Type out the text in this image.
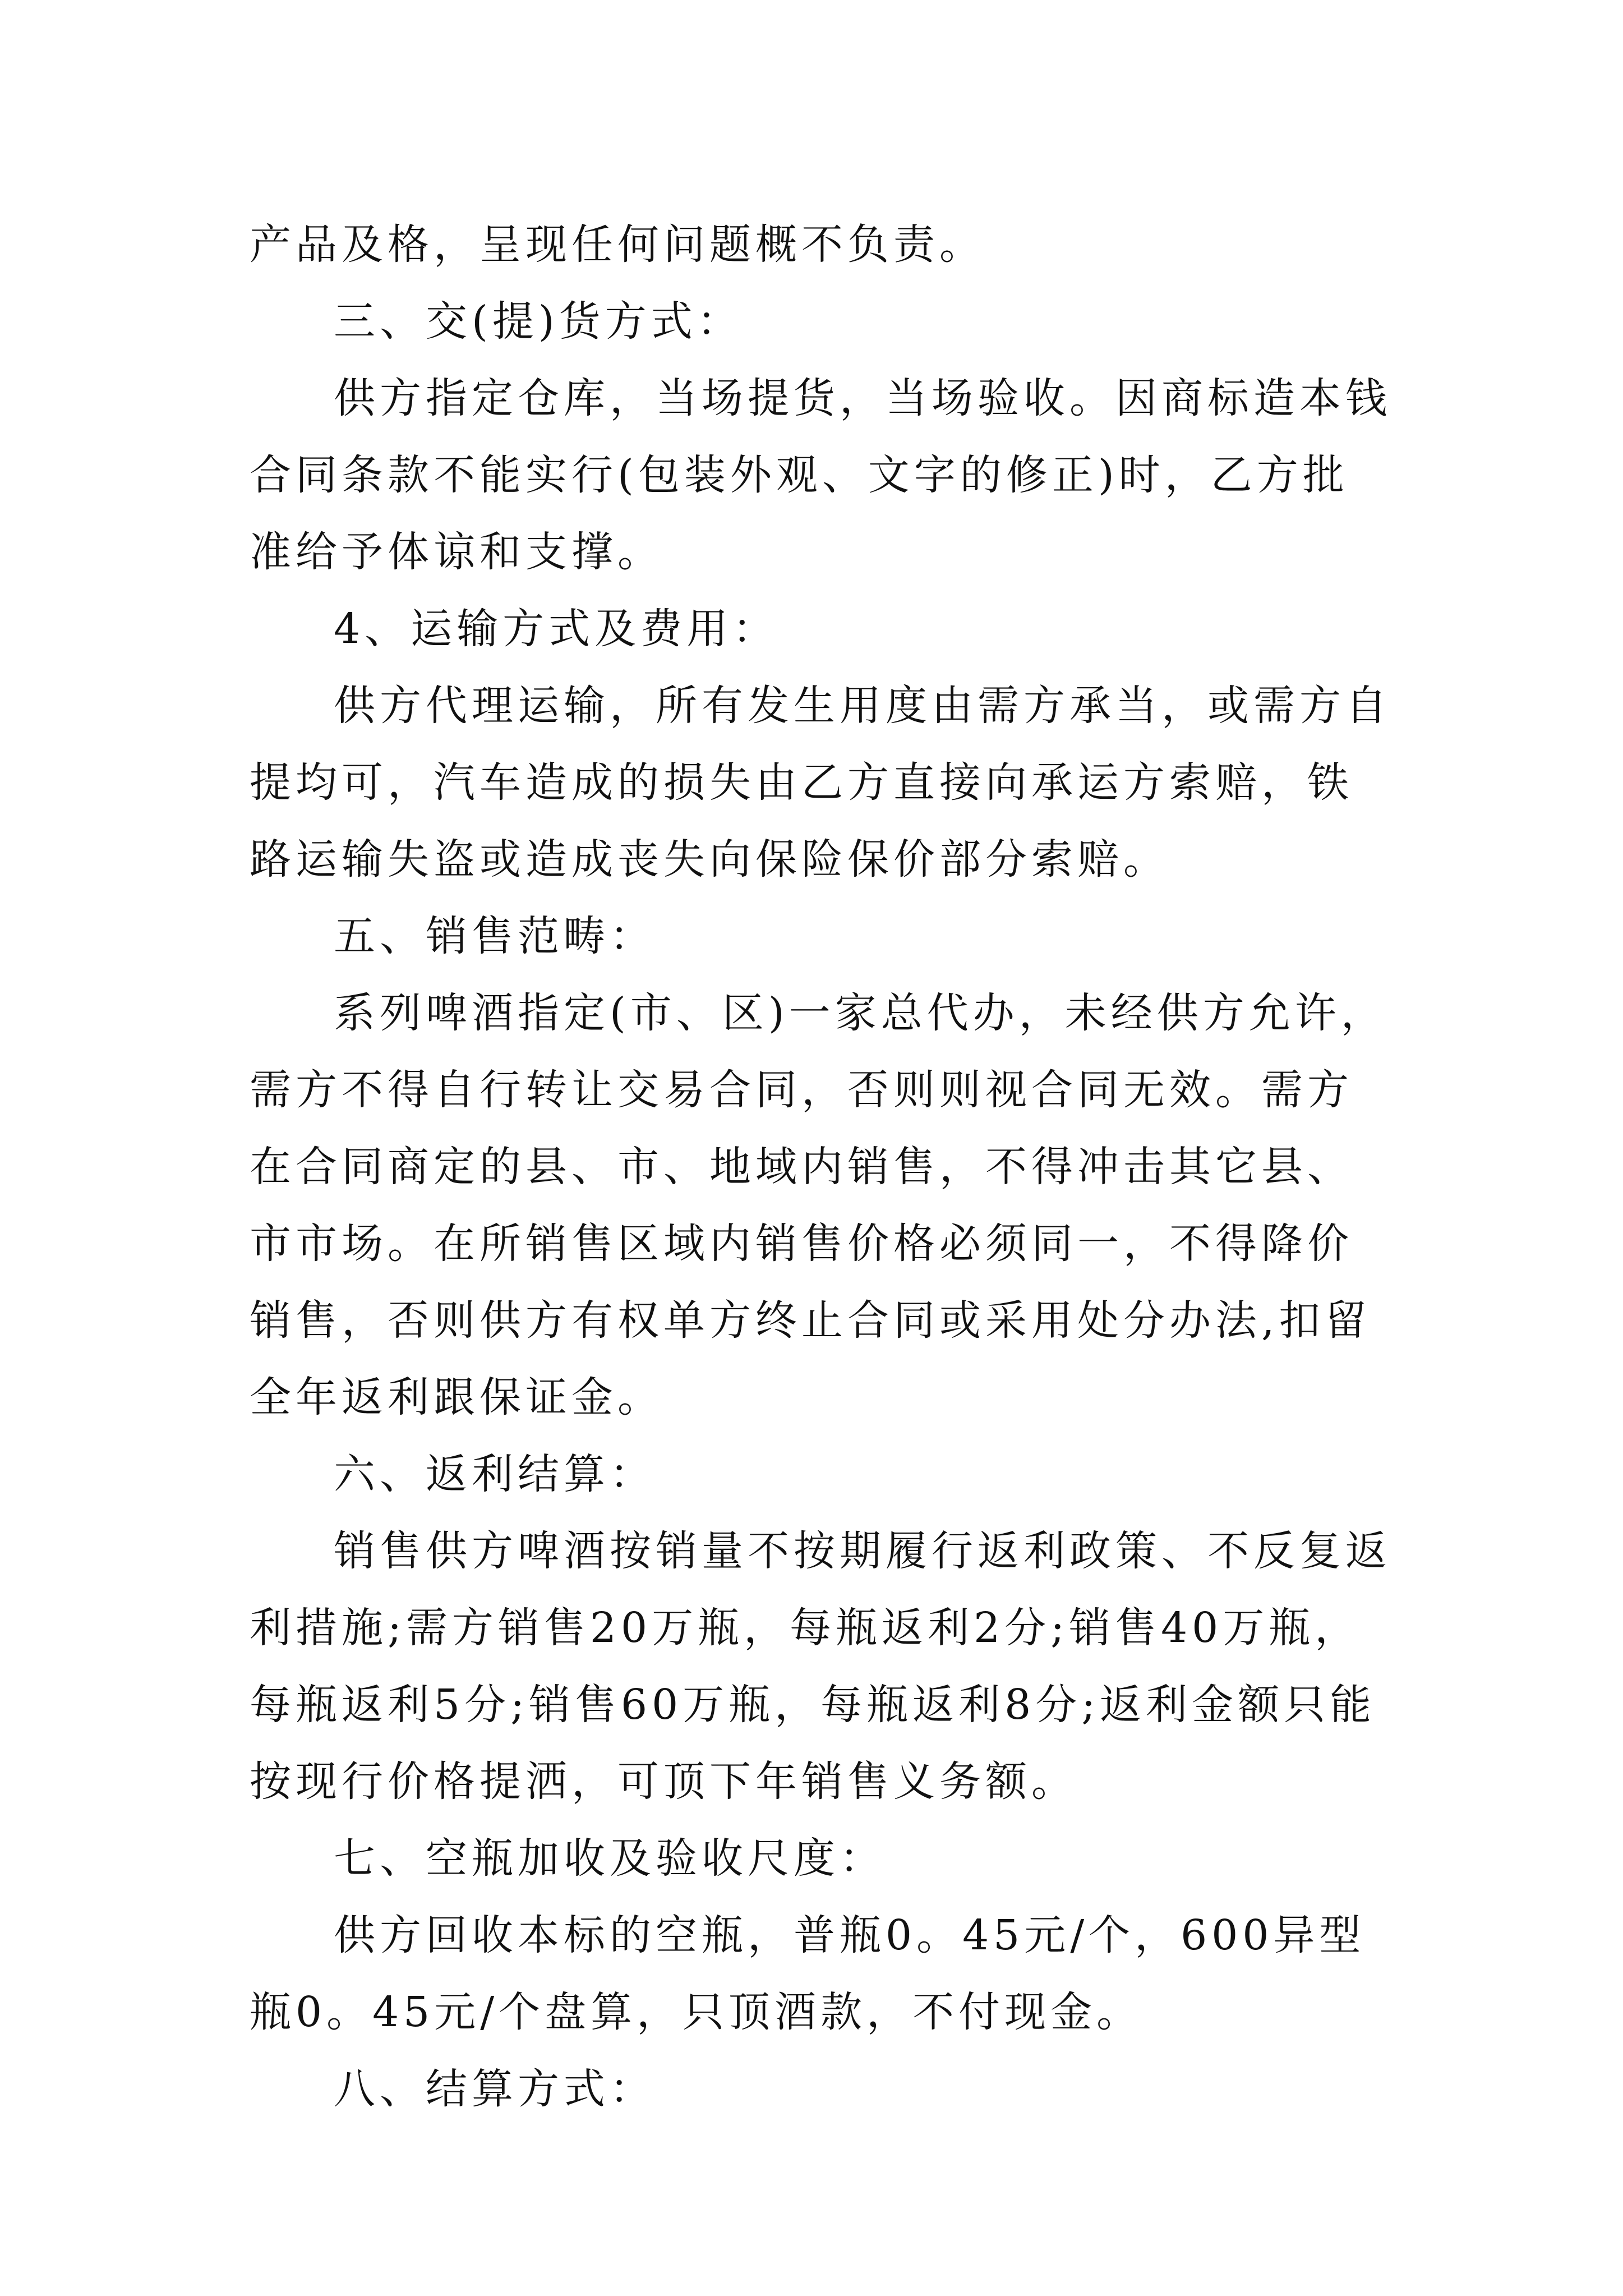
产品及格，呈现任何问题概不负责。

三、交(提)货方式：

供方指定仓库，当场提货，当场验收。因商标造本钱合同条款不能实行(包装外观、文字的修正)时，乙方批准给予体谅和支撑。

4、运输方式及费用：

供方代理运输，所有发生用度由需方承当，或需方自提均可，汽车造成的损失由乙方直接向承运方索赔，铁路运输失盗或造成丧失向保险保价部分索赔。

五、销售范畴：

系列啤酒指定(市、区)一家总代办，未经供方允许，需方不得自行转让交易合同，否则则视合同无效。需方在合同商定的县、市、地域内销售，不得冲击其它县、市市场。在所销售区域内销售价格必须同一，不得降价销售，否则供方有权单方终止合同或采用处分办法,扣留全年返利跟保证金。

六、返利结算：

销售供方啤酒按销量不按期履行返利政策、不反复返利措施;需方销售20万瓶，每瓶返利2分;销售40万瓶，每瓶返利5分;销售60万瓶，每瓶返利8分;返利金额只能按现行价格提洒，可顶下年销售义务额。

七、空瓶加收及验收尺度：

供方回收本标的空瓶，普瓶0。45元/个，600异型瓶0。45元/个盘算，只顶酒款，不付现金。

八、结算方式：
